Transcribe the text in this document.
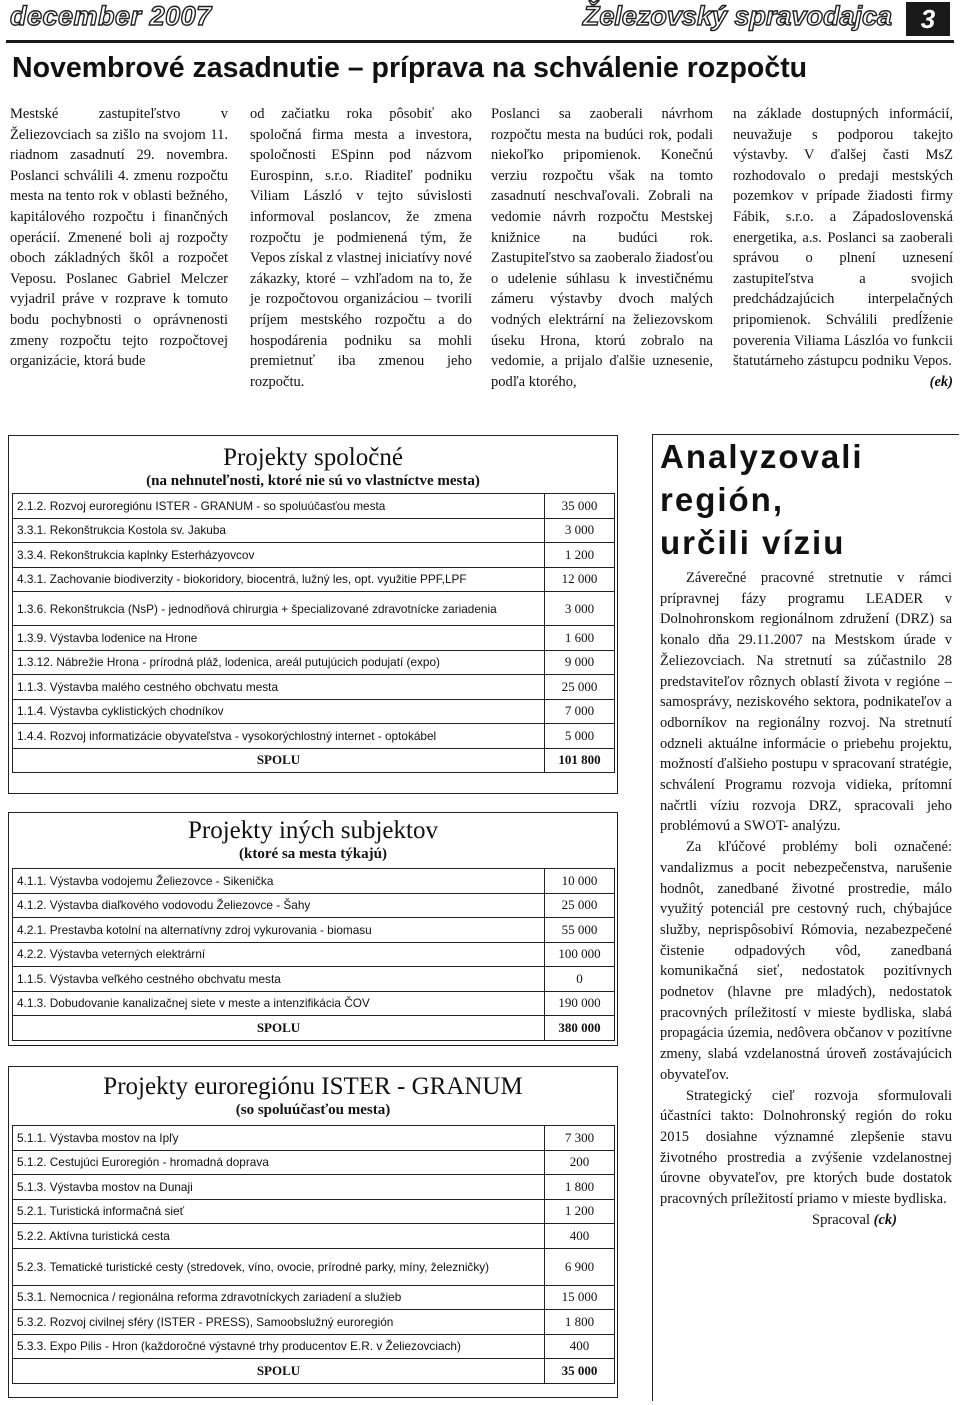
december 2007	Železovský spravodajca	3
Novembrové zasadnutie – príprava na schválenie rozpočtu

Mestské zastupiteľstvo v Želiezovciach sa zišlo na svojom 11. riadnom zasadnutí 29. novembra. Poslanci schválili 4. zmenu rozpočtu mesta na tento rok v oblasti bežného, kapitálového rozpočtu i finančných operácií. Zmenené boli aj rozpočty oboch základných škôl a rozpočet Veposu. Poslanec Gabriel Melczer vyjadril práve v rozprave k tomuto bodu pochybnosti o oprávnenosti zmeny rozpočtu tejto rozpočtovej organizácie, ktorá bude

od začiatku roka pôsobiť ako spoločná firma mesta a investora, spoločnosti ESpinn pod názvom Eurospinn, s.r.o. Riaditeľ podniku Viliam László v tejto súvislosti informoval poslancov, že zmena rozpočtu je podmienená tým, že Vepos získal z vlastnej iniciatívy nové zákazky, ktoré – vzhľadom na to, že je rozpočtovou organizáciou – tvorili príjem mestského rozpočtu a do hospodárenia podniku sa mohli premietnuť iba zmenou jeho rozpočtu.

Poslanci sa zaoberali návrhom rozpočtu mesta na budúci rok, podali niekoľko pripomienok. Konečnú verziu rozpočtu však na tomto zasadnutí neschvaľovali. Zobrali na vedomie návrh rozpočtu Mestskej knižnice na budúci rok. Zastupiteľstvo sa zaoberalo žiadosťou o udelenie súhlasu k investičnému zámeru výstavby dvoch malých vodných elektrární na želiezovskom úseku Hrona, ktorú zobralo na vedomie, a prijalo ďalšie uznesenie, podľa ktorého,

na základe dostupných informácií, neuvažuje s podporou takejto výstavby. V ďalšej časti MsZ rozhodovalo o predaji mestských pozemkov v prípade žiadosti firmy Fábik, s.r.o. a Západoslovenská energetika, a.s. Poslanci sa zaoberali správou o plnení uznesení zastupiteľstva a svojich predchádzajúcich interpelačných pripomienok. Schválili predĺženie poverenia Viliama Lászlóa vo funkcii štatutárneho zástupcu podniku Vepos.
(ek)

Projekty spoločné
(na nehnuteľnosti, ktoré nie sú vo vlastníctve mesta)
2.1.2. Rozvoj euroregiónu ISTER - GRANUM - so spoluúčasťou mesta	35 000
3.3.1. Rekonštrukcia Kostola sv. Jakuba	3 000
3.3.4. Rekonštrukcia kaplnky Esterházyovcov	1 200
4.3.1. Zachovanie biodiverzity - biokoridory, biocentrá, lužný les, opt. využitie PPF,LPF	12 000
1.3.6. Rekonštrukcia (NsP) - jednodňová chirurgia + špecializované zdravotnícke zariadenia	3 000
1.3.9. Výstavba lodenice na Hrone	1 600
1.3.12. Nábrežie Hrona - prírodná pláž, lodenica, areál putujúcich podujatí (expo)	9 000
1.1.3. Výstavba malého cestného obchvatu mesta	25 000
1.1.4. Výstavba cyklistických chodníkov	7 000
1.4.4. Rozvoj informatizácie obyvateľstva - vysokorýchlostný internet - optokábel	5 000
SPOLU	101 800
Projekty iných subjektov
(ktoré sa mesta týkajú)
4.1.1. Výstavba vodojemu Želiezovce - Sikenička	10 000
4.1.2. Výstavba diaľkového vodovodu Želiezovce - Šahy	25 000
4.2.1. Prestavba kotolní na alternatívny zdroj vykurovania - biomasu	55 000
4.2.2. Výstavba veterných elektrární	100 000
1.1.5. Výstavba veľkého cestného obchvatu mesta	0
4.1.3. Dobudovanie kanalizačnej siete v meste a intenzifikácia ČOV	190 000
SPOLU	380 000
Projekty euroregiónu ISTER - GRANUM
(so spoluúčasťou mesta)
5.1.1. Výstavba mostov na Ipľy	7 300
5.1.2. Cestujúci Euroregión - hromadná doprava	200
5.1.3. Výstavba mostov na Dunaji	1 800
5.2.1. Turistická informačná sieť	1 200
5.2.2. Aktívna turistická cesta	400
5.2.3. Tematické turistické cesty (stredovek, víno, ovocie, prírodné parky, míny, železničky)	6 900
5.3.1. Nemocnica / regionálna reforma zdravotníckych zariadení a služieb	15 000
5.3.2. Rozvoj civilnej sféry (ISTER - PRESS), Samoobslužný euroregión	1 800
5.3.3. Expo Pilis - Hron (každoročné výstavné trhy producentov E.R. v Želiezovciach)	400
SPOLU	35 000
Analyzovali
región,
určili víziu

Záverečné pracovné stretnutie v rámci prípravnej fázy programu LEADER v Dolnohronskom regionálnom združení (DRZ) sa konalo dňa 29.11.2007 na Mestskom úrade v Želiezovciach. Na stretnutí sa zúčastnilo 28 predstaviteľov rôznych oblastí života v regióne – samosprávy, neziskového sektora, podnikateľov a odborníkov na regionálny rozvoj. Na stretnutí odzneli aktuálne informácie o priebehu projektu, možností ďalšieho postupu v spracovaní stratégie, schválení Programu rozvoja vidieka, prítomní načrtli víziu rozvoja DRZ, spracovali jeho problémovú a SWOT- analýzu.

Za kľúčové problémy boli označené: vandalizmus a pocit nebezpečenstva, narušenie hodnôt, zanedbané životné prostredie, málo využitý potenciál pre cestovný ruch, chýbajúce služby, neprispôsobiví Rómovia, nezabezpečené čistenie odpadových vôd, zanedbaná komunikačná sieť, nedostatok pozitívnych podnetov (hlavne pre mladých), nedostatok pracovných príležitostí v mieste bydliska, slabá propagácia územia, nedôvera občanov v pozitívne zmeny, slabá vzdelanostná úroveň zostávajúcich obyvateľov.

Strategický cieľ rozvoja sformulovali účastníci takto: Dolnohronský región do roku 2015 dosiahne významné zlepšenie stavu životného prostredia a zvýšenie vzdelanostnej úrovne obyvateľov, pre ktorých bude dostatok pracovných príležitostí priamo v mieste bydliska.

Spracoval (ck)
